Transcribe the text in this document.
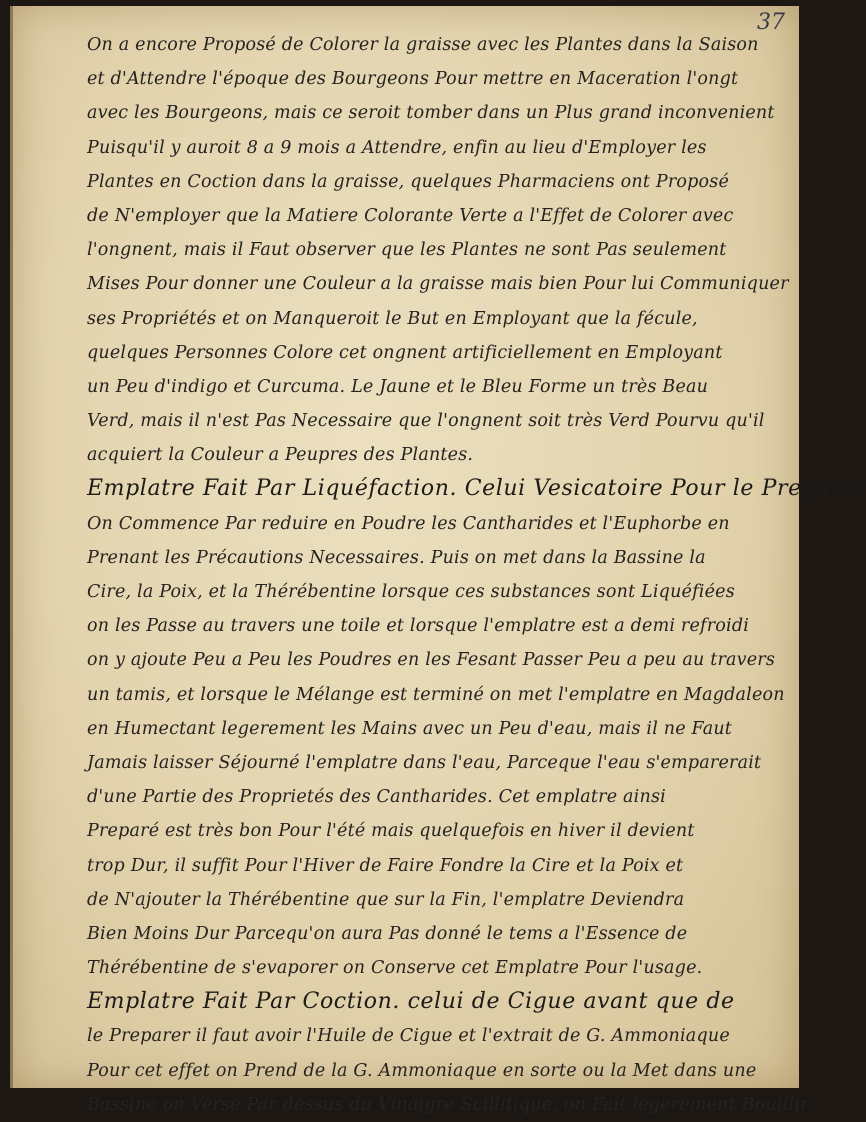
37

On a encore Proposé de Colorer la graisse avec les Plantes dans la Saison
et d'Attendre l'époque des Bourgeons Pour mettre en Maceration l'ongt
avec les Bourgeons, mais ce seroit tomber dans un Plus grand inconvenient
Puisqu'il y auroit 8 a 9 mois a Attendre, enfin au lieu d'Employer les
Plantes en Coction dans la graisse, quelques Pharmaciens ont Proposé
de N'employer que la Matiere Colorante Verte a l'Effet de Colorer avec
l'ongnent, mais il Faut observer que les Plantes ne sont Pas seulement
Mises Pour donner une Couleur a la graisse mais bien Pour lui Communiquer
ses Propriétés et on Manqueroit le But en Employant que la fécule,
quelques Personnes Colore cet ongnent artificiellement en Employant
un Peu d'indigo et Curcuma. Le Jaune et le Bleu Forme un très Beau
Verd, mais il n'est Pas Necessaire que l'ongnent soit très Verd Pourvu qu'il
acquiert la Couleur a Peupres des Plantes.
Emplatre Fait Par Liquéfaction. Celui Vesicatoire Pour le Preparer
On Commence Par reduire en Poudre les Cantharides et l'Euphorbe en
Prenant les Précautions Necessaires. Puis on met dans la Bassine la
Cire, la Poix, et la Thérébentine lorsque ces substances sont Liquéfiées
on les Passe au travers une toile et lorsque l'emplatre est a demi refroidi
on y ajoute Peu a Peu les Poudres en les Fesant Passer Peu a peu au travers
un tamis, et lorsque le Mélange est terminé on met l'emplatre en Magdaleon
en Humectant legerement les Mains avec un Peu d'eau, mais il ne Faut
Jamais laisser Séjourné l'emplatre dans l'eau, Parceque l'eau s'emparerait
d'une Partie des Proprietés des Cantharides. Cet emplatre ainsi
Preparé est très bon Pour l'été mais quelquefois en hiver il devient
trop Dur, il suffit Pour l'Hiver de Faire Fondre la Cire et la Poix et
de N'ajouter la Thérébentine que sur la Fin, l'emplatre Deviendra
Bien Moins Dur Parcequ'on aura Pas donné le tems a l'Essence de
Thérébentine de s'evaporer on Conserve cet Emplatre Pour l'usage.
Emplatre Fait Par Coction. celui de Cigue avant que de
le Preparer il faut avoir l'Huile de Cigue et l'extrait de G. Ammoniaque
Pour cet effet on Prend de la G. Ammoniaque en sorte ou la Met dans une
Bassine on Verse Par dessus du Vinaigre Scillitique, on Fait legerement Bouillir
